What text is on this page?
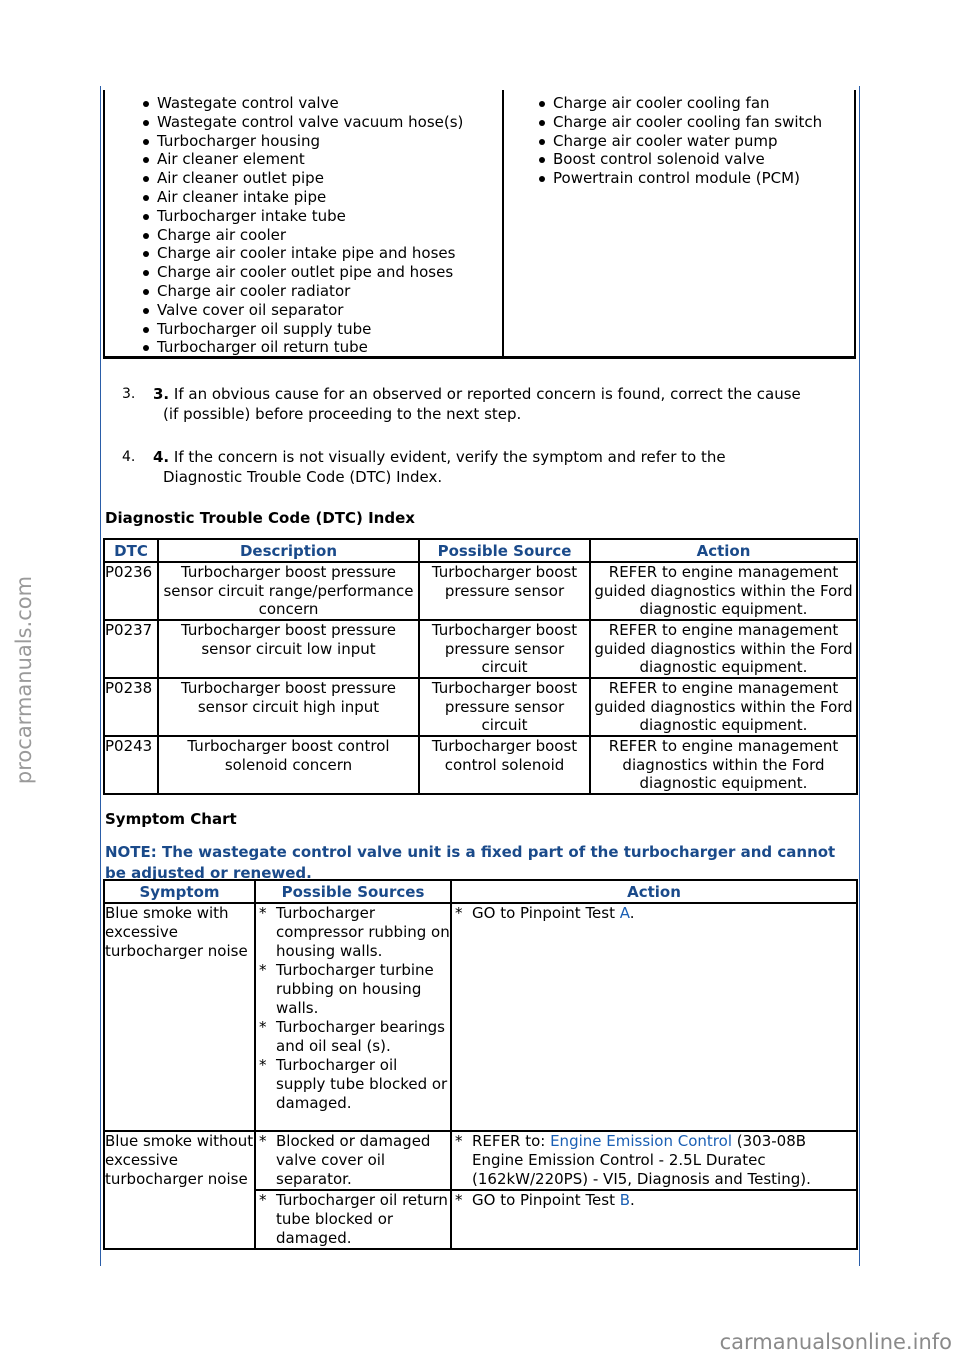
procarmanuals.com
carmanualsonline.info
Wastegate control valve
Wastegate control valve vacuum hose(s)
Turbocharger housing
Air cleaner element
Air cleaner outlet pipe
Air cleaner intake pipe
Turbocharger intake tube
Charge air cooler
Charge air cooler intake pipe and hoses
Charge air cooler outlet pipe and hoses
Charge air cooler radiator
Valve cover oil separator
Turbocharger oil supply tube
Turbocharger oil return tube
Charge air cooler cooling fan
Charge air cooler cooling fan switch
Charge air cooler water pump
Boost control solenoid valve
Powertrain control module (PCM)
3. 3. If an obvious cause for an observed or reported concern is found, correct the cause
(if possible) before proceeding to the next step.
4. 4. If the concern is not visually evident, verify the symptom and refer to the
Diagnostic Trouble Code (DTC) Index.
Diagnostic Trouble Code (DTC) Index
DTC	Description	Possible Source	Action
P0236	Turbocharger boost pressure sensor circuit range/performance concern	Turbocharger boost pressure sensor	REFER to engine management guided diagnostics within the Ford diagnostic equipment.
P0237	Turbocharger boost pressure sensor circuit low input	Turbocharger boost pressure sensor circuit	REFER to engine management guided diagnostics within the Ford diagnostic equipment.
P0238	Turbocharger boost pressure sensor circuit high input	Turbocharger boost pressure sensor circuit	REFER to engine management guided diagnostics within the Ford diagnostic equipment.
P0243	Turbocharger boost control solenoid concern	Turbocharger boost control solenoid	REFER to engine management diagnostics within the Ford diagnostic equipment.
Symptom Chart
NOTE: The wastegate control valve unit is a fixed part of the turbocharger and cannot be adjusted or renewed.
Symptom	Possible Sources	Action
Blue smoke with excessive turbocharger noise	* Turbocharger compressor rubbing on housing walls.
* Turbocharger turbine rubbing on housing walls.
* Turbocharger bearings and oil seal (s).
* Turbocharger oil supply tube blocked or damaged.	* GO to Pinpoint Test A.

Blue smoke without excessive turbocharger noise	* Blocked or damaged valve cover oil separator.	* REFER to: Engine Emission Control (303-08B Engine Emission Control - 2.5L Duratec (162kW/220PS) - VI5, Diagnosis and Testing).

	* Turbocharger oil return tube blocked or damaged.	* GO to Pinpoint Test B.
